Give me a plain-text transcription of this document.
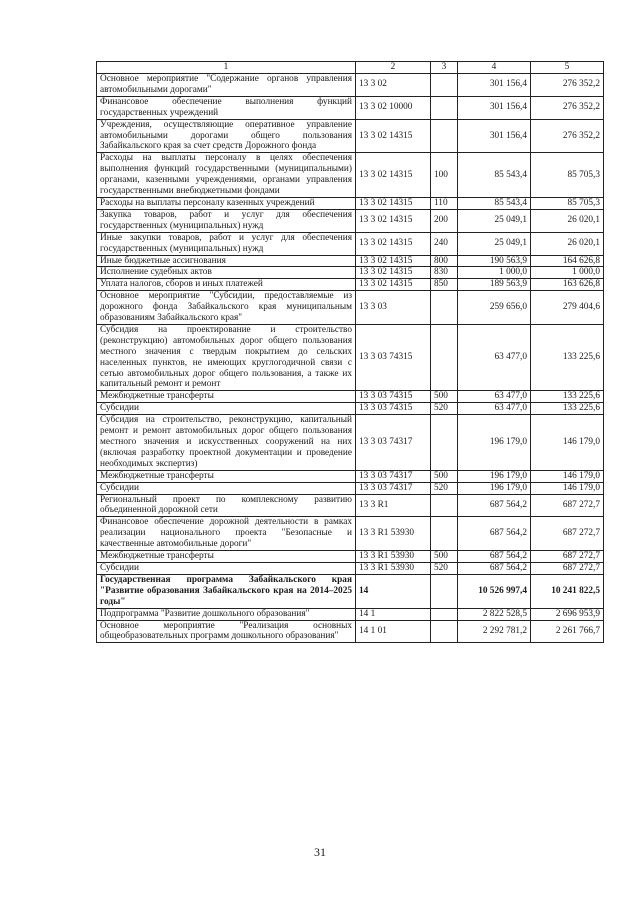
1	2	3	4	5
Основное мероприятие "Содержание органов управления автомобильными дорогами"	13 3 02		301 156,4	276 352,2
Финансовое обеспечение выполнения функций государственных учреждений	13 3 02 10000		301 156,4	276 352,2
Учреждения, осуществляющие оперативное управление автомобильными дорогами общего пользования Забайкальского края за счет средств Дорожного фонда	13 3 02 14315		301 156,4	276 352,2
Расходы на выплаты персоналу в целях обеспечения выполнения функций государственными (муниципальными) органами, казенными учреждениями, органами управления государственными внебюджетными фондами	13 3 02 14315	100	85 543,4	85 705,3
Расходы на выплаты персоналу казенных учреждений	13 3 02 14315	110	85 543,4	85 705,3
Закупка товаров, работ и услуг для обеспечения государственных (муниципальных) нужд	13 3 02 14315	200	25 049,1	26 020,1
Иные закупки товаров, работ и услуг для обеспечения государственных (муниципальных) нужд	13 3 02 14315	240	25 049,1	26 020,1
Иные бюджетные ассигнования	13 3 02 14315	800	190 563,9	164 626,8
Исполнение судебных актов	13 3 02 14315	830	1 000,0	1 000,0
Уплата налогов, сборов и иных платежей	13 3 02 14315	850	189 563,9	163 626,8
Основное мероприятие "Субсидии, предоставляемые из дорожного фонда Забайкальского края муниципальным образованиям Забайкальского края"	13 3 03		259 656,0	279 404,6
Субсидия на проектирование и строительство (реконструкцию) автомобильных дорог общего пользования местного значения с твердым покрытием до сельских населенных пунктов, не имеющих круглогодичной связи с сетью автомобильных дорог общего пользования, а также их капитальный ремонт и ремонт	13 3 03 74315		63 477,0	133 225,6
Межбюджетные трансферты	13 3 03 74315	500	63 477,0	133 225,6
Субсидии	13 3 03 74315	520	63 477,0	133 225,6
Субсидия на строительство, реконструкцию, капитальный ремонт и ремонт автомобильных дорог общего пользования местного значения и искусственных сооружений на них (включая разработку проектной документации и проведение необходимых экспертиз)	13 3 03 74317		196 179,0	146 179,0
Межбюджетные трансферты	13 3 03 74317	500	196 179,0	146 179,0
Субсидии	13 3 03 74317	520	196 179,0	146 179,0
Региональный проект по комплексному развитию объединенной дорожной сети	13 3 R1		687 564,2	687 272,7
Финансовое обеспечение дорожной деятельности в рамках реализации национального проекта "Безопасные и качественные автомобильные дороги"	13 3 R1 53930		687 564,2	687 272,7
Межбюджетные трансферты	13 3 R1 53930	500	687 564,2	687 272,7
Субсидии	13 3 R1 53930	520	687 564,2	687 272,7
Государственная программа Забайкальского края "Развитие образования Забайкальского края на 2014–2025 годы"	14		10 526 997,4	10 241 822,5
Подпрограмма "Развитие дошкольного образования"	14 1		2 822 528,5	2 696 953,9
Основное мероприятие "Реализация основных общеобразовательных программ дошкольного образования"	14 1 01		2 292 781,2	2 261 766,7
31
